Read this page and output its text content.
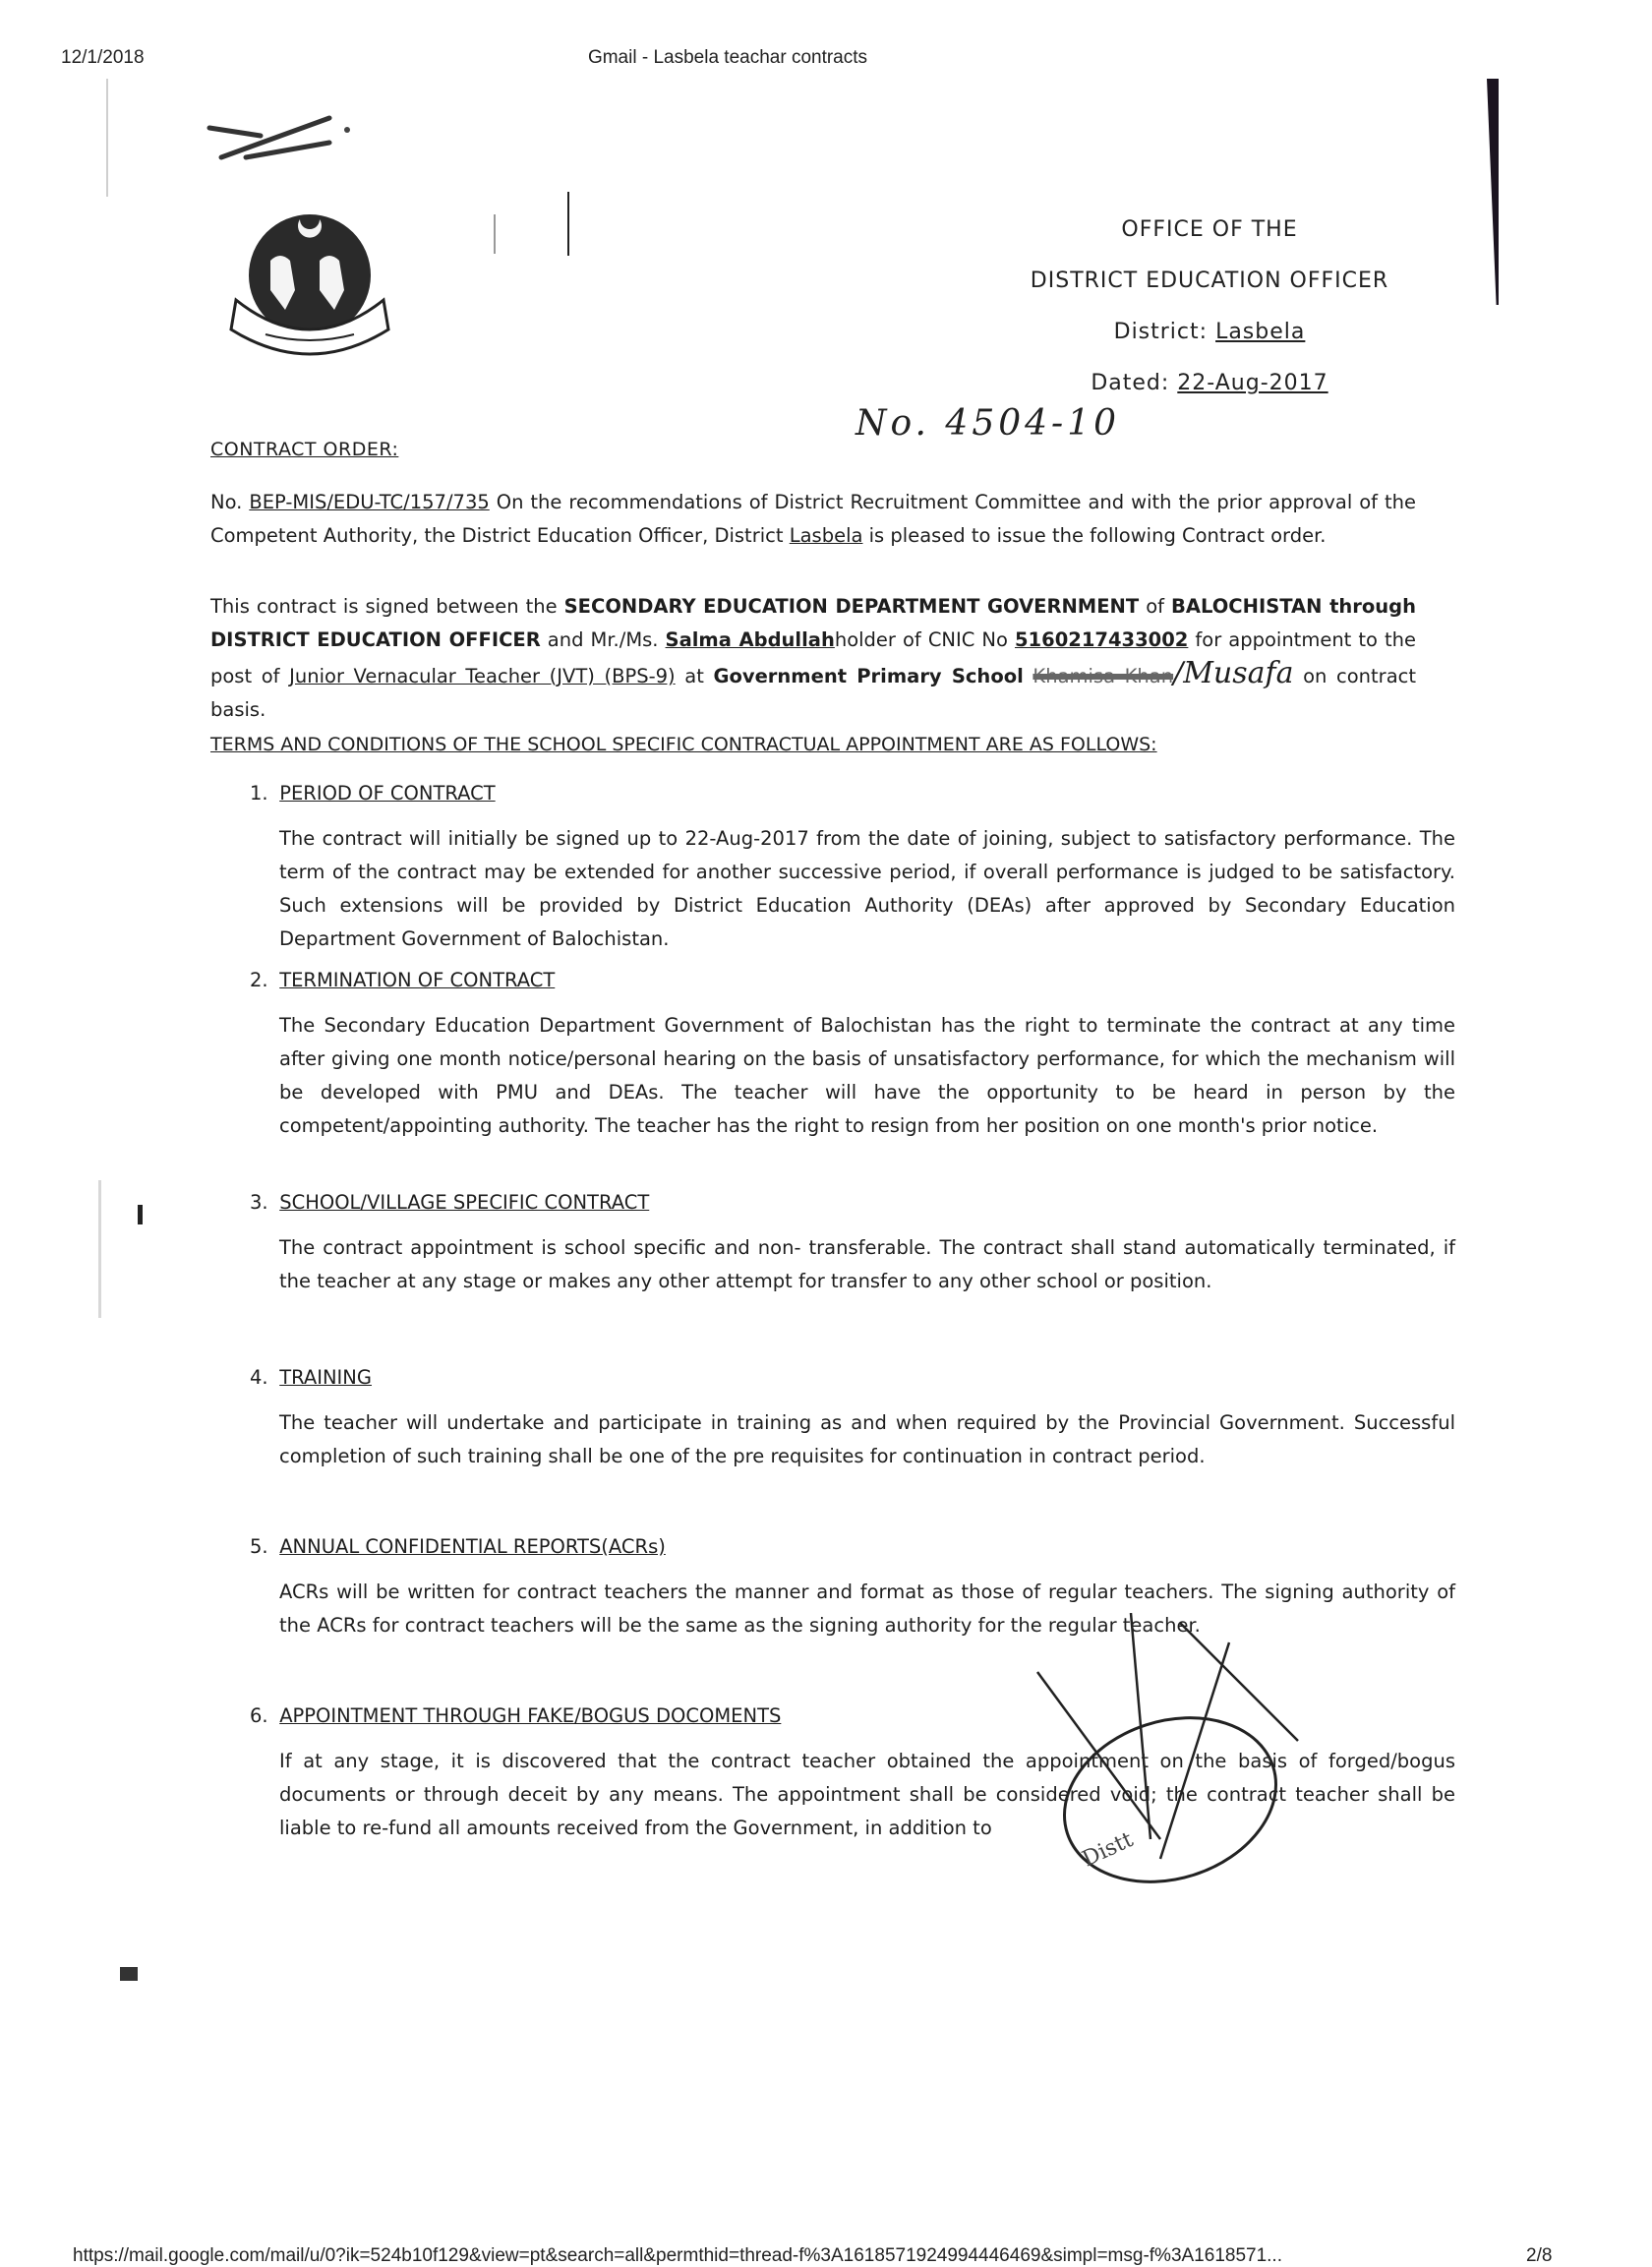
12/1/2018	Gmail - Lasbela teachar contracts
OFFICE OF THE
DISTRICT EDUCATION OFFICER
District: Lasbela
Dated: 22-Aug-2017
No. 4504-10
CONTRACT ORDER:
No. BEP-MIS/EDU-TC/157/735 On the recommendations of District Recruitment Committee and with the prior approval of the Competent Authority, the District Education Officer, District Lasbela is pleased to issue the following Contract order.
This contract is signed between the SECONDARY EDUCATION DEPARTMENT GOVERNMENT of BALOCHISTAN through DISTRICT EDUCATION OFFICER and Mr./Ms. Salma Abdullahholder of CNIC No 5160217433002 for appointment to the post of Junior Vernacular Teacher (JVT) (BPS-9) at Government Primary School Khamisa Khan/Musafa on contract basis.
TERMS AND CONDITIONS OF THE SCHOOL SPECIFIC CONTRACTUAL APPOINTMENT ARE AS FOLLOWS:
1. PERIOD OF CONTRACT
The contract will initially be signed up to 22-Aug-2017 from the date of joining, subject to satisfactory performance. The term of the contract may be extended for another successive period, if overall performance is judged to be satisfactory. Such extensions will be provided by District Education Authority (DEAs) after approved by Secondary Education Department Government of Balochistan.
2. TERMINATION OF CONTRACT
The Secondary Education Department Government of Balochistan has the right to terminate the contract at any time after giving one month notice/personal hearing on the basis of unsatisfactory performance, for which the mechanism will be developed with PMU and DEAs. The teacher will have the opportunity to be heard in person by the competent/appointing authority. The teacher has the right to resign from her position on one month's prior notice.
3. SCHOOL/VILLAGE SPECIFIC CONTRACT
The contract appointment is school specific and non- transferable. The contract shall stand automatically terminated, if the teacher at any stage or makes any other attempt for transfer to any other school or position.
4. TRAINING
The teacher will undertake and participate in training as and when required by the Provincial Government. Successful completion of such training shall be one of the pre requisites for continuation in contract period.
5. ANNUAL CONFIDENTIAL REPORTS(ACRs)
ACRs will be written for contract teachers the manner and format as those of regular teachers. The signing authority of the ACRs for contract teachers will be the same as the signing authority for the regular teacher.
6. APPOINTMENT THROUGH FAKE/BOGUS DOCOMENTS
If at any stage, it is discovered that the contract teacher obtained the appointment on the basis of forged/bogus documents or through deceit by any means. The appointment shall be considered void; the contract teacher shall be liable to re-fund all amounts received from the Government, in addition to	Distt
https://mail.google.com/mail/u/0?ik=524b10f129&view=pt&search=all&permthid=thread-f%3A1618571924994446469&simpl=msg-f%3A1618571...	2/8
